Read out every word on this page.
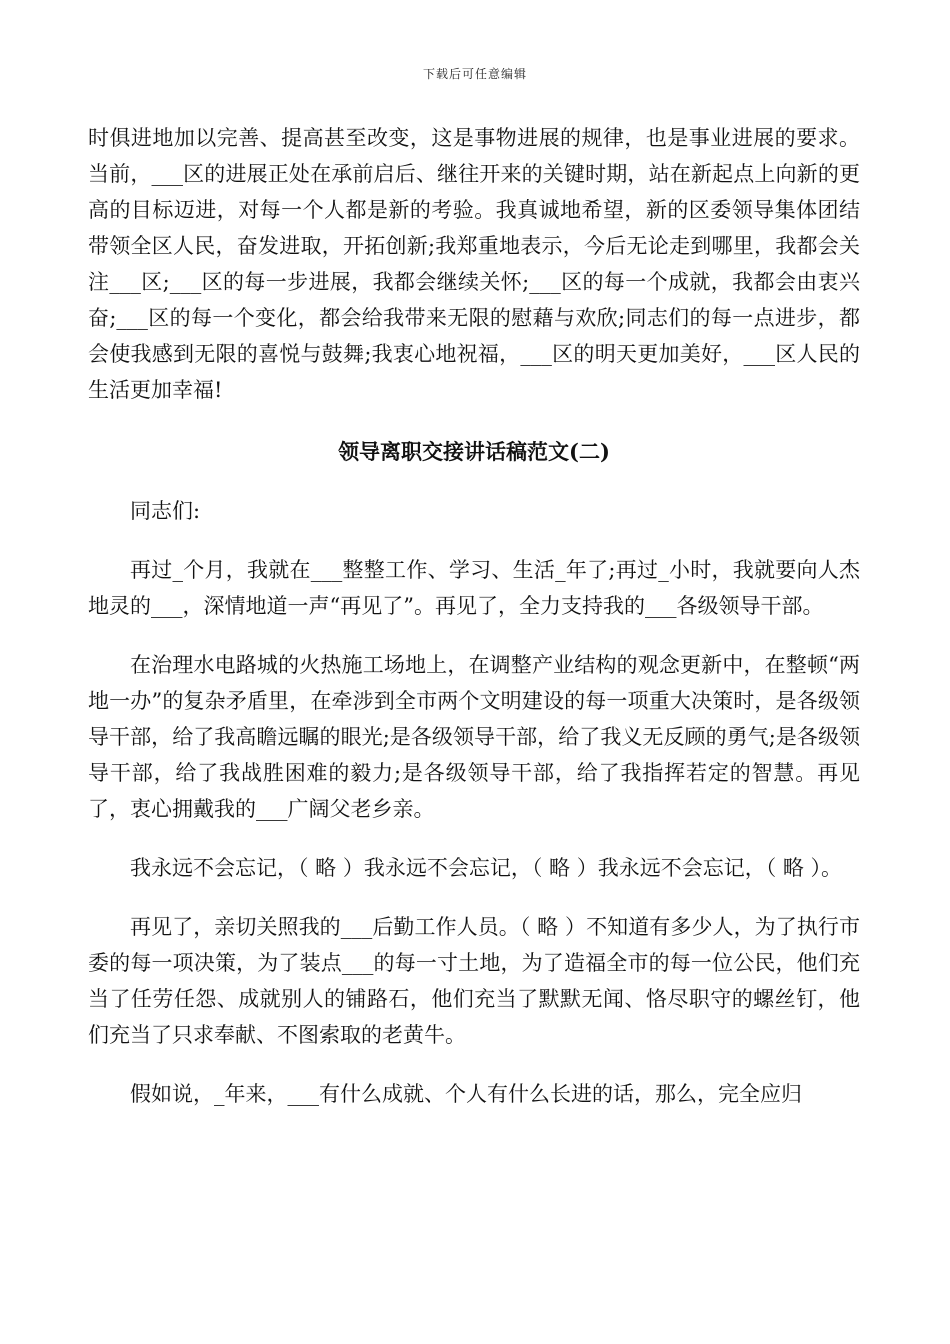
下载后可任意编辑

时俱进地加以完善、提高甚至改变，这是事物进展的规律，也是事业进展的要求。当前，___区的进展正处在承前启后、继往开来的关键时期，站在新起点上向新的更高的目标迈进，对每一个人都是新的考验。我真诚地希望，新的区委领导集体团结带领全区人民，奋发进取，开拓创新;我郑重地表示，今后无论走到哪里，我都会关注___区;___区的每一步进展，我都会继续关怀;___区的每一个成就，我都会由衷兴奋;___区的每一个变化，都会给我带来无限的慰藉与欢欣;同志们的每一点进步，都会使我感到无限的喜悦与鼓舞;我衷心地祝福，___区的明天更加美好，___区人民的生活更加幸福!

领导离职交接讲话稿范文(二)

同志们:

再过_个月，我就在___整整工作、学习、生活_年了;再过_小时，我就要向人杰地灵的___，深情地道一声“再见了”。再见了，全力支持我的___各级领导干部。

在治理水电路城的火热施工场地上，在调整产业结构的观念更新中，在整顿“两地一办”的复杂矛盾里，在牵涉到全市两个文明建设的每一项重大决策时，是各级领导干部，给了我高瞻远瞩的眼光;是各级领导干部，给了我义无反顾的勇气;是各级领导干部，给了我战胜困难的毅力;是各级领导干部，给了我指挥若定的智慧。再见了，衷心拥戴我的___广阔父老乡亲。

我永远不会忘记，（ 略 ）我永远不会忘记，（ 略 ）我永远不会忘记，（ 略 ）。

再见了，亲切关照我的___后勤工作人员。（ 略 ）不知道有多少人，为了执行市委的每一项决策，为了装点___的每一寸土地，为了造福全市的每一位公民，他们充当了任劳任怨、成就别人的铺路石，他们充当了默默无闻、恪尽职守的螺丝钉，他们充当了只求奉献、不图索取的老黄牛。

假如说，_年来，___有什么成就、个人有什么长进的话，那么，完全应归
